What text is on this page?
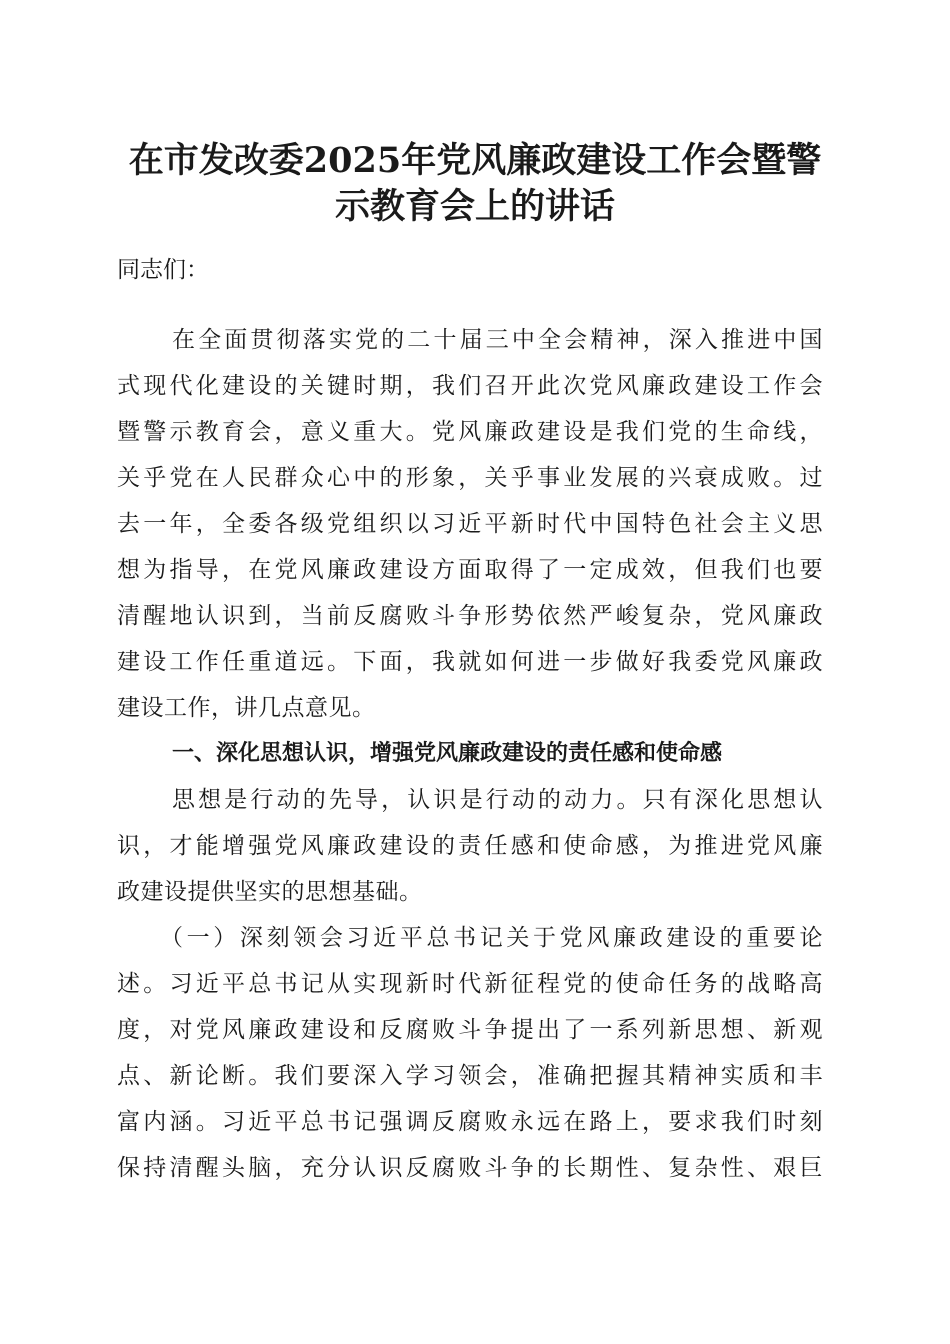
在市发改委2025年党风廉政建设工作会暨警
示教育会上的讲话
同志们：
在全面贯彻落实党的二十届三中全会精神，深入推进中国
式现代化建设的关键时期，我们召开此次党风廉政建设工作会
暨警示教育会，意义重大。党风廉政建设是我们党的生命线，
关乎党在人民群众心中的形象，关乎事业发展的兴衰成败。过
去一年，全委各级党组织以习近平新时代中国特色社会主义思
想为指导，在党风廉政建设方面取得了一定成效，但我们也要
清醒地认识到，当前反腐败斗争形势依然严峻复杂，党风廉政
建设工作任重道远。下面，我就如何进一步做好我委党风廉政
建设工作，讲几点意见。
一、深化思想认识，增强党风廉政建设的责任感和使命感
思想是行动的先导，认识是行动的动力。只有深化思想认
识，才能增强党风廉政建设的责任感和使命感，为推进党风廉
政建设提供坚实的思想基础。
（一）深刻领会习近平总书记关于党风廉政建设的重要论
述。习近平总书记从实现新时代新征程党的使命任务的战略高
度，对党风廉政建设和反腐败斗争提出了一系列新思想、新观
点、新论断。我们要深入学习领会，准确把握其精神实质和丰
富内涵。习近平总书记强调反腐败永远在路上，要求我们时刻
保持清醒头脑，充分认识反腐败斗争的长期性、复杂性、艰巨
